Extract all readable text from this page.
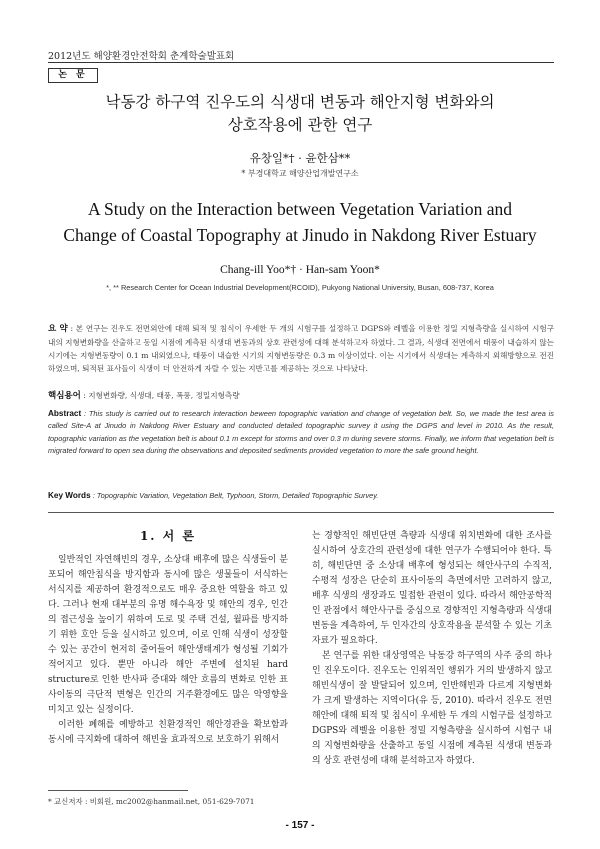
2012년도 해양환경안전학회 춘계학술발표회
논 문
낙동강 하구역 진우도의 식생대 변동과 해안지형 변화와의
상호작용에 관한 연구
유창일*† · 윤한삼**
* 부경대학교 해양산업개발연구소
A Study on the Interaction between Vegetation Variation and
Change of Coastal Topography at Jinudo in Nakdong River Estuary
Chang-ill Yoo*† · Han-sam Yoon*
*, ** Research Center for Ocean Industrial Development(RCOID), Pukyong National University, Busan, 608-737, Korea
요 약 : 본 연구는 진우도 전면외안에 대해 퇴적 및 침식이 우세한 두 개의 시험구를 설정하고 DGPS와 레벨을 이용한 정밀 지형측량을 실시하여 시험구 내의 지형변화량을 산출하고 동일 시점에 계측된 식생대 변동과의 상호 관련성에 대해 분석하고자 하였다. 그 결과, 식생대 전면에서 태풍이 내습하지 않는 시기에는 지형변동량이 0.1 m 내외였으나, 태풍이 내습한 시기의 지형변동량은 0.3 m 이상이었다. 이는 시기에서 식생대는 계측하지 외해방향으로 전진하였으며, 퇴적된 표사들이 식생이 더 안전하게 자랄 수 있는 지반고를 제공하는 것으로 나타났다.
핵심용어 : 지형변화량, 식생대, 태풍, 폭풍, 정밀지형측량
Abstract : This study is carried out to research interaction beween topographic variation and change of vegetation belt. So, we made the test area is called Site-A at Jinudo in Nakdong River Estuary and conducted detailed topographic survey it using the DGPS and level in 2010. As the result, topographic variation as the vegetation belt is about 0.1 m except for storms and over 0.3 m during severe storms. Finally, we inform that vegetation belt is migrated forward to open sea during the observations and deposited sediments provided vegetation to more the safe ground height.
Key Words : Topographic Variation, Vegetation Belt, Typhoon, Storm, Detailed Topographic Survey.
1. 서 론

일반적인 자연해빈의 경우, 소상대 배후에 많은 식생들이 분포되어 해안침식을 방지함과 동시에 많은 생물들이 서식하는 서식지를 제공하여 환경적으로도 매우 중요한 역할을 하고 있다. 그러나 현재 대부분의 유명 해수욕장 및 해안의 경우, 인간의 접근성을 높이기 위하여 도로 및 주택 건설, 월파를 방지하기 위한 호안 등을 실시하고 있으며, 이로 인해 식생이 성장할 수 있는 공간이 현저히 줄어들어 해안생태계가 형성될 기회가 적어지고 있다. 뿐만 아니라 해안 주변에 설치된 hard structure로 인한 반사파 증대와 해안 흐름의 변화로 인한 표사이동의 극단적 변형은 인간의 거주환경에도 많은 악영향을 미치고 있는 실정이다.

이러한 폐해를 예방하고 친환경적인 해안경관을 확보함과 동시에 극지화에 대하여 해빈을 효과적으로 보호하기 위해서

는 경향적인 해빈단면 측량과 식생대 위치변화에 대한 조사를 실시하여 상호간의 관련성에 대한 연구가 수행되어야 한다. 특히, 해빈단면 중 소상대 배후에 형성되는 해안사구의 수직적, 수평적 성장은 단순히 표사이동의 측면에서만 고려하지 않고, 배후 식생의 생장과도 밀접한 관련이 있다. 따라서 해안공학적인 관점에서 해안사구를 중심으로 경향적인 지형측량과 식생대 변동을 계측하여, 두 인자간의 상호작용을 분석할 수 있는 기초자료가 필요하다.

본 연구를 위한 대상영역은 낙동강 하구역의 사주 중의 하나인 진우도이다. 진우도는 인위적인 행위가 거의 발생하지 않고 해빈식생이 잘 발달되어 있으며, 인반해빈과 다르게 지형변화가 크게 발생하는 지역이다(유 등, 2010). 따라서 진우도 전면해안에 대해 퇴적 및 침식이 우세한 두 개의 시험구를 설정하고 DGPS와 레벨을 이용한 정밀 지형측량을 실시하여 시험구 내의 지형변화량을 산출하고 동일 시점에 계측된 식생대 변동과의 상호 관련성에 대해 분석하고자 하였다.

* 교신저자 : 비회원, mc2002@hanmail.net, 051-629-7071
- 157 -
